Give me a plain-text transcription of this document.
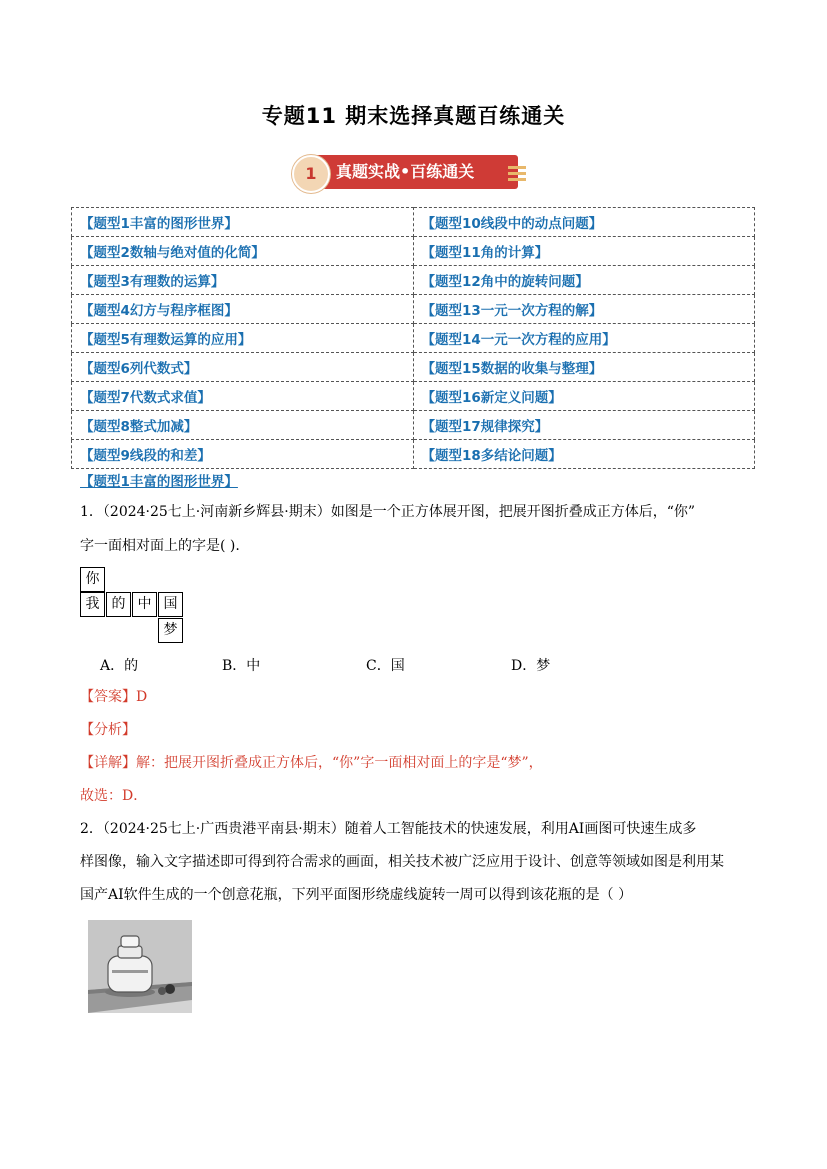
专题11 期末选择真题百练通关
1	真题实战•百练通关
【题型1丰富的图形世界】	【题型10线段中的动点问题】
【题型2数轴与绝对值的化简】	【题型11角的计算】
【题型3有理数的运算】	【题型12角中的旋转问题】
【题型4幻方与程序框图】	【题型13一元一次方程的解】
【题型5有理数运算的应用】	【题型14一元一次方程的应用】
【题型6列代数式】	【题型15数据的收集与整理】
【题型7代数式求值】	【题型16新定义问题】
【题型8整式加减】	【题型17规律探究】
【题型9线段的和差】	【题型18多结论问题】
【题型1丰富的图形世界】
1．（2024·25七上·河南新乡辉县·期末）如图是一个正方体展开图，把展开图折叠成正方体后，“你”
字一面相对面上的字是( ).
你
我 的 中 国
梦
A．的	B．中	C．国	D．梦
【答案】D
【分析】
【详解】解：把展开图折叠成正方体后，“你”字一面相对面上的字是“梦”，
故选：D．
2．（2024·25七上·广西贵港平南县·期末）随着人工智能技术的快速发展，利用AI画图可快速生成多
样图像，输入文字描述即可得到符合需求的画面，相关技术被广泛应用于设计、创意等领域如图是利用某
国产AI软件生成的一个创意花瓶，下列平面图形绕虚线旋转一周可以得到该花瓶的是（ ）
